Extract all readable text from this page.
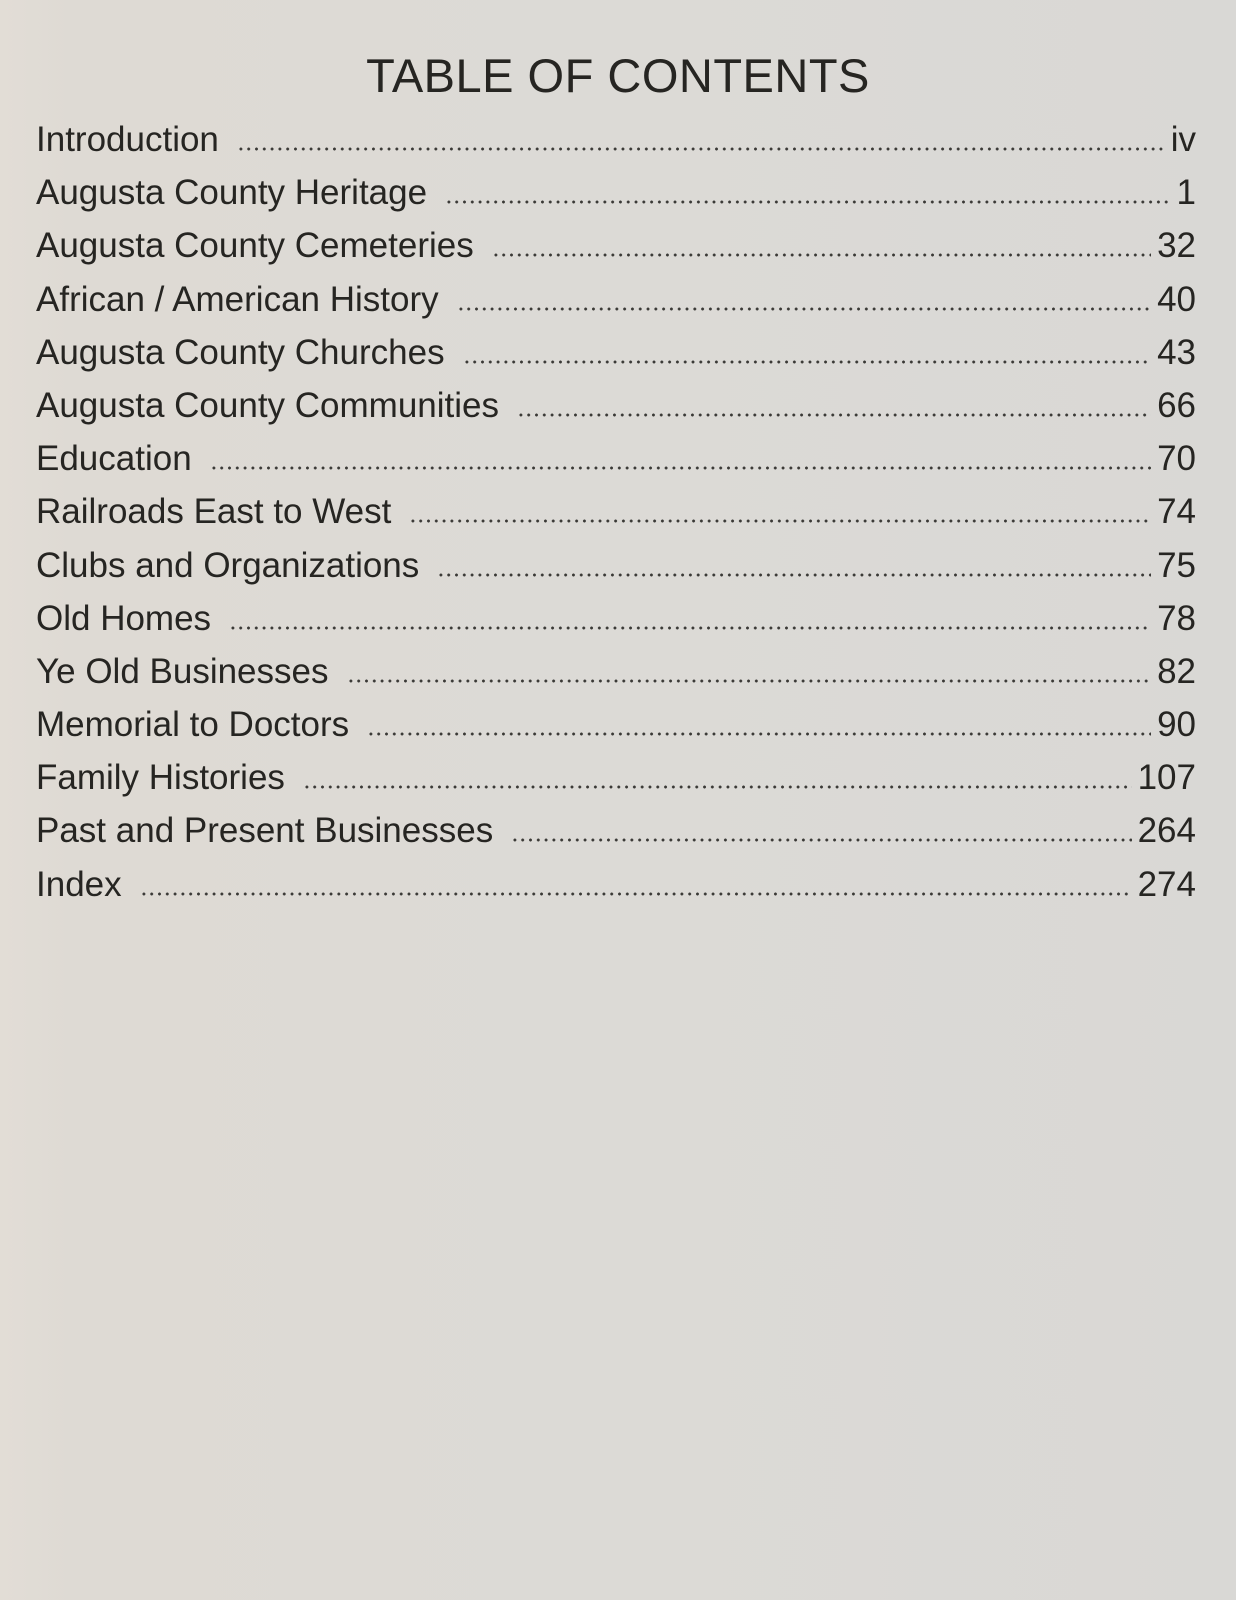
TABLE OF CONTENTS
Introduction	iv
Augusta County Heritage	1
Augusta County Cemeteries	32
African / American History	40
Augusta County Churches	43
Augusta County Communities	66
Education	70
Railroads East to West	74
Clubs and Organizations	75
Old Homes	78
Ye Old Businesses	82
Memorial to Doctors	90
Family Histories	107
Past and Present Businesses	264
Index	274
